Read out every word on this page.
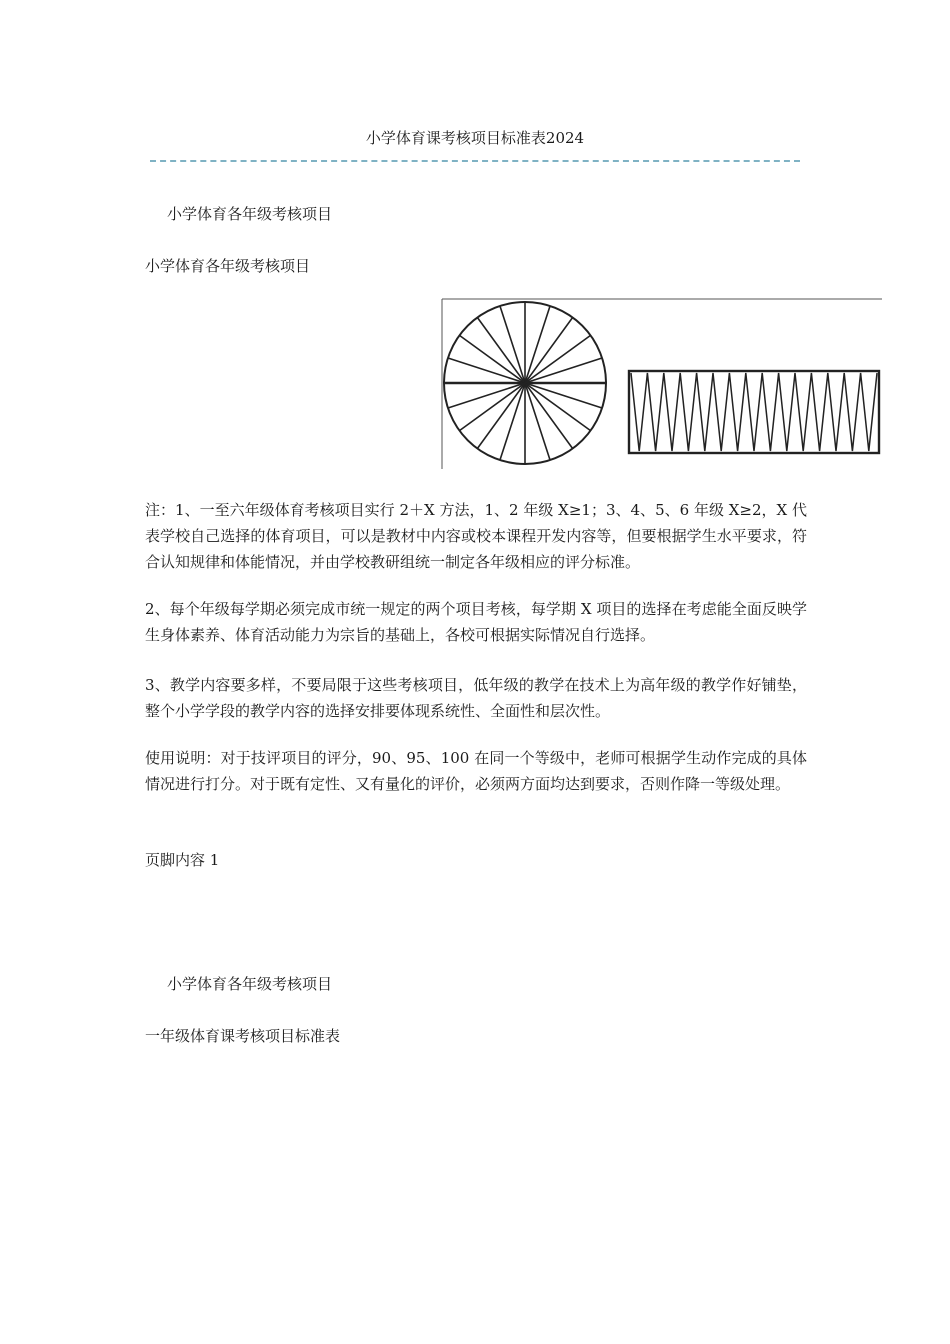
小学体育课考核项目标准表2024
小学体育各年级考核项目
小学体育各年级考核项目
注：1、一至六年级体育考核项目实行 2＋X 方法，1、2 年级 X≥1；3、4、5、6 年级 X≥2，X 代表学校自己选择的体育项目，可以是教材中内容或校本课程开发内容等，但要根据学生水平要求，符合认知规律和体能情况，并由学校教研组统一制定各年级相应的评分标准。
2、每个年级每学期必须完成市统一规定的两个项目考核，每学期 X 项目的选择在考虑能全面反映学生身体素养、体育活动能力为宗旨的基础上，各校可根据实际情况自行选择。
3、教学内容要多样，不要局限于这些考核项目，低年级的教学在技术上为高年级的教学作好铺垫，整个小学学段的教学内容的选择安排要体现系统性、全面性和层次性。
使用说明：对于技评项目的评分，90、95、100 在同一个等级中，老师可根据学生动作完成的具体情况进行打分。对于既有定性、又有量化的评价，必须两方面均达到要求，否则作降一等级处理。
页脚内容 1
小学体育各年级考核项目
一年级体育课考核项目标准表
